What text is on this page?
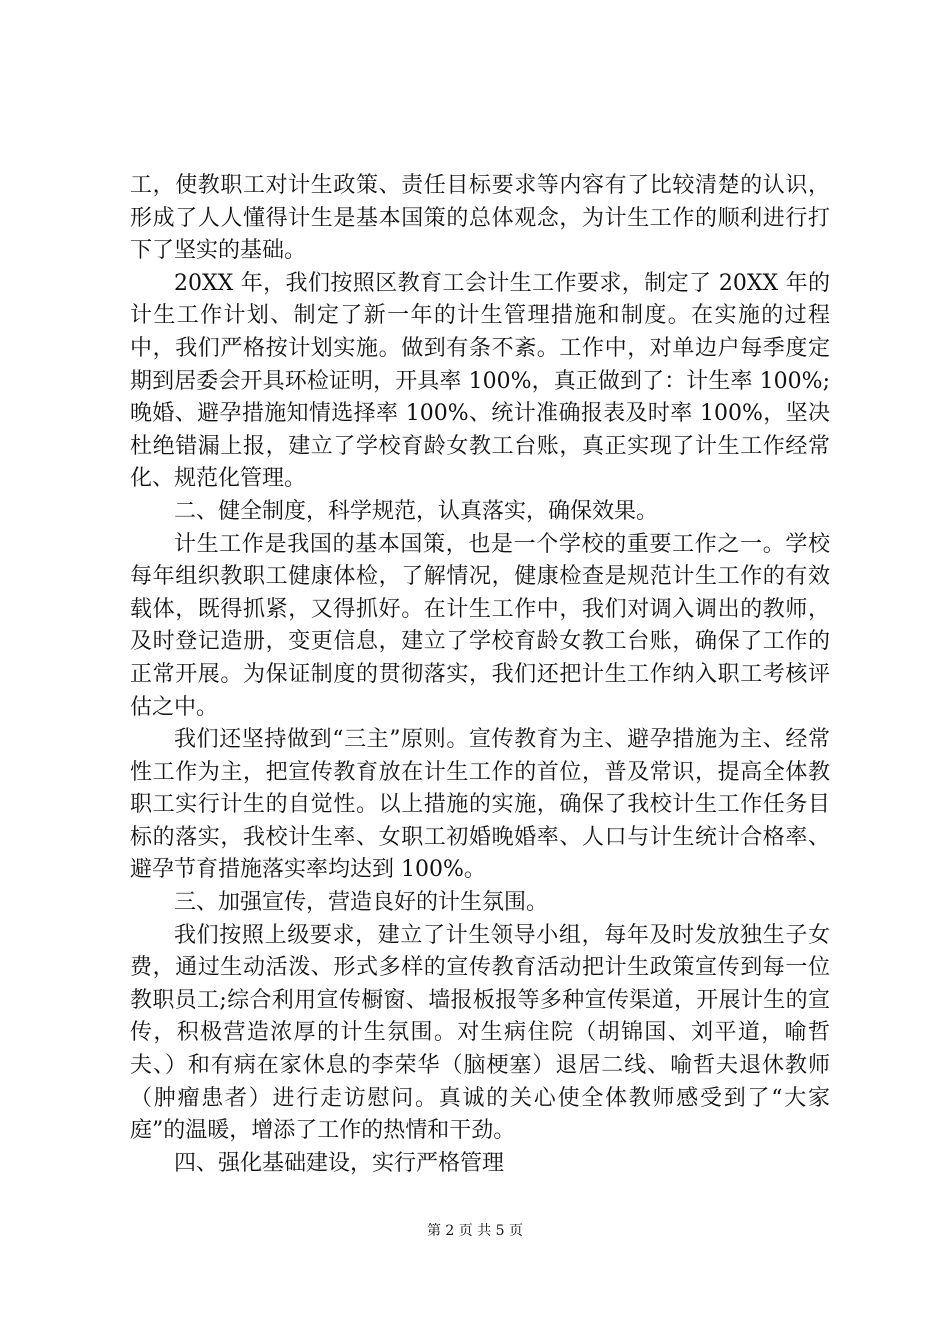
工，使教职工对计生政策、责任目标要求等内容有了比较清楚的认识，形成了人人懂得计生是基本国策的总体观念，为计生工作的顺利进行打下了坚实的基础。

20XX 年，我们按照区教育工会计生工作要求，制定了 20XX 年的计生工作计划、制定了新一年的计生管理措施和制度。在实施的过程中，我们严格按计划实施。做到有条不紊。工作中，对单边户每季度定期到居委会开具环检证明，开具率 100%，真正做到了：计生率 100%;晚婚、避孕措施知情选择率 100%、统计准确报表及时率 100%，坚决杜绝错漏上报，建立了学校育龄女教工台账，真正实现了计生工作经常化、规范化管理。

二、健全制度，科学规范，认真落实，确保效果。

计生工作是我国的基本国策，也是一个学校的重要工作之一。学校每年组织教职工健康体检，了解情况，健康检查是规范计生工作的有效载体，既得抓紧，又得抓好。在计生工作中，我们对调入调出的教师，及时登记造册，变更信息，建立了学校育龄女教工台账，确保了工作的正常开展。为保证制度的贯彻落实，我们还把计生工作纳入职工考核评估之中。

我们还坚持做到“三主”原则。宣传教育为主、避孕措施为主、经常性工作为主，把宣传教育放在计生工作的首位，普及常识，提高全体教职工实行计生的自觉性。以上措施的实施，确保了我校计生工作任务目标的落实，我校计生率、女职工初婚晚婚率、人口与计生统计合格率、避孕节育措施落实率均达到 100%。

三、加强宣传，营造良好的计生氛围。

我们按照上级要求，建立了计生领导小组，每年及时发放独生子女费，通过生动活泼、形式多样的宣传教育活动把计生政策宣传到每一位教职员工;综合利用宣传橱窗、墙报板报等多种宣传渠道，开展计生的宣传，积极营造浓厚的计生氛围。对生病住院（胡锦国、刘平道，喻哲夫、）和有病在家休息的李荣华（脑梗塞）退居二线、喻哲夫退休教师（肿瘤患者）进行走访慰问。真诚的关心使全体教师感受到了“大家庭”的温暖，增添了工作的热情和干劲。

四、强化基础建设，实行严格管理

第 2 页 共 5 页
